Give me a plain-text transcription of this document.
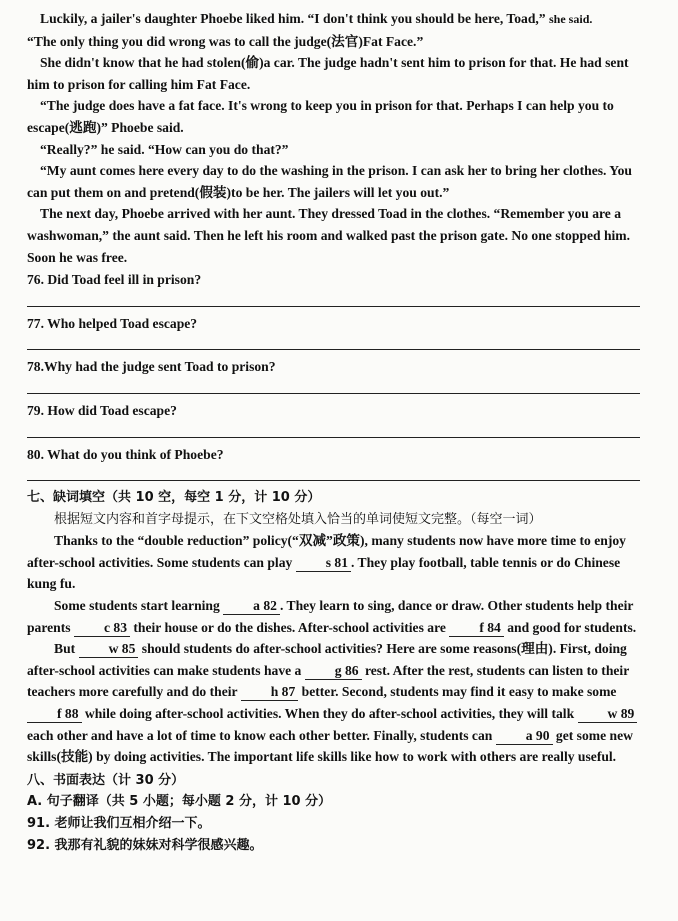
Luckily, a jailer's daughter Phoebe liked him. “I don't think you should be here, Toad,” she said.

“The only thing you did wrong was to call the judge(法官)Fat Face.”

She didn't know that he had stolen(偷)a car. The judge hadn't sent him to prison for that. He had sent him to prison for calling him Fat Face.

“The judge does have a fat face. It's wrong to keep you in prison for that. Perhaps I can help you to escape(逃跑)” Phoebe said.

“Really?” he said. “How can you do that?”

“My aunt comes here every day to do the washing in the prison. I can ask her to bring her clothes. You can put them on and pretend(假装)to be her. The jailers will let you out.”

The next day, Phoebe arrived with her aunt. They dressed Toad in the clothes. “Remember you are a washwoman,” the aunt said. Then he left his room and walked past the prison gate. No one stopped him. Soon he was free.

76. Did Toad feel ill in prison?

77. Who helped Toad escape?

78.Why had the judge sent Toad to prison?

79. How did Toad escape?

80. What do you think of Phoebe?

七、缺词填空（共 10 空，每空 1 分，计 10 分）

根据短文内容和首字母提示，在下文空格处填入恰当的单词使短文完整。（每空一词）

Thanks to the “double reduction” policy(“双减”政策), many students now have more time to enjoy after-school activities. Some students can play s 81. They play football, table tennis or do Chinese kung fu.

Some students start learning a 82. They learn to sing, dance or draw. Other students help their parents c 83 their house or do the dishes. After-school activities are f 84 and good for students.

But w 85 should students do after-school activities? Here are some reasons(理由). First, doing after-school activities can make students have a g 86 rest. After the rest, students can listen to their teachers more carefully and do their h 87 better. Second, students may find it easy to make some f 88 while doing after-school activities. When they do after-school activities, they will talk w 89 each other and have a lot of time to know each other better. Finally, students can a 90 get some new skills(技能) by doing activities. The important life skills like how to work with others are really useful.

八、书面表达（计 30 分）

A. 句子翻译（共 5 小题；每小题 2 分，计 10 分）

91. 老师让我们互相介绍一下。

92. 我那有礼貌的妹妹对科学很感兴趣。
